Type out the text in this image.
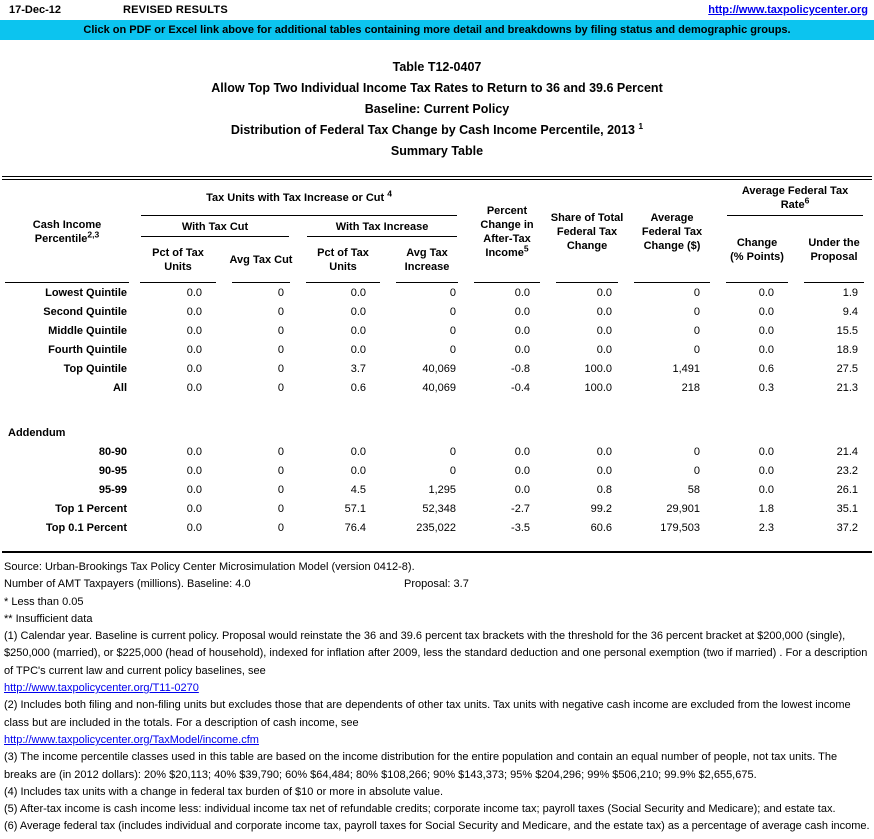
17-Dec-12	REVISED RESULTS	http://www.taxpolicycenter.org
Click on PDF or Excel link above for additional tables containing more detail and breakdowns by filing status and demographic groups.
Table T12-0407
Allow Top Two Individual Income Tax Rates to Return to 36 and 39.6 Percent
Baseline: Current Policy
Distribution of Federal Tax Change by Cash Income Percentile, 2013 $^1$
Summary Table
Cash Income Percentile$^{2,3}$	Tax Units with Tax Increase or Cut $^4$				Percent Change in After-Tax Income$^5$	Share of Total Federal Tax Change	Average Federal Tax Change ($)	Average Federal Tax Rate$^6$
	With Tax Cut		With Tax Increase					Change (% Points)	Under the Proposal
	Pct of Tax Units	Avg Tax Cut	Pct of Tax Units	Avg Tax Increase					
Lowest Quintile	0.0	0	0.0	0	0.0	0.0	0	0.0	1.9
Second Quintile	0.0	0	0.0	0	0.0	0.0	0	0.0	9.4
Middle Quintile	0.0	0	0.0	0	0.0	0.0	0	0.0	15.5
Fourth Quintile	0.0	0	0.0	0	0.0	0.0	0	0.0	18.9
Top Quintile	0.0	0	3.7	40,069	-0.8	100.0	1,491	0.6	27.5
All	0.0	0	0.6	40,069	-0.4	100.0	218	0.3	21.3

Addendum									
80-90	0.0	0	0.0	0	0.0	0.0	0	0.0	21.4
90-95	0.0	0	0.0	0	0.0	0.0	0	0.0	23.2
95-99	0.0	0	4.5	1,295	0.0	0.8	58	0.0	26.1
Top 1 Percent	0.0	0	57.1	52,348	-2.7	99.2	29,901	1.8	35.1
Top 0.1 Percent	0.0	0	76.4	235,022	-3.5	60.6	179,503	2.3	37.2

Source: Urban-Brookings Tax Policy Center Microsimulation Model (version 0412-8).
Number of AMT Taxpayers (millions). Baseline: 4.0	Proposal: 3.7
* Less than 0.05
** Insufficient data
(1) Calendar year. Baseline is current policy. Proposal would reinstate the 36 and 39.6 percent tax brackets with the threshold for the 36 percent bracket at $200,000 (single), $250,000 (married), or $225,000 (head of household), indexed for inflation after 2009, less the standard deduction and one personal exemption (two if married) . For a description of TPC's current law and current policy baselines, see
http://www.taxpolicycenter.org/T11-0270
(2) Includes both filing and non-filing units but excludes those that are dependents of other tax units. Tax units with negative cash income are excluded from the lowest income class but are included in the totals. For a description of cash income, see
http://www.taxpolicycenter.org/TaxModel/income.cfm
(3) The income percentile classes used in this table are based on the income distribution for the entire population and contain an equal number of people, not tax units. The breaks are (in 2012 dollars): 20% $20,113; 40% $39,790; 60% $64,484; 80% $108,266; 90% $143,373; 95% $204,296; 99% $506,210; 99.9% $2,655,675.
(4) Includes tax units with a change in federal tax burden of $10 or more in absolute value.
(5) After-tax income is cash income less: individual income tax net of refundable credits; corporate income tax; payroll taxes (Social Security and Medicare); and estate tax.
(6) Average federal tax (includes individual and corporate income tax, payroll taxes for Social Security and Medicare, and the estate tax) as a percentage of average cash income.
